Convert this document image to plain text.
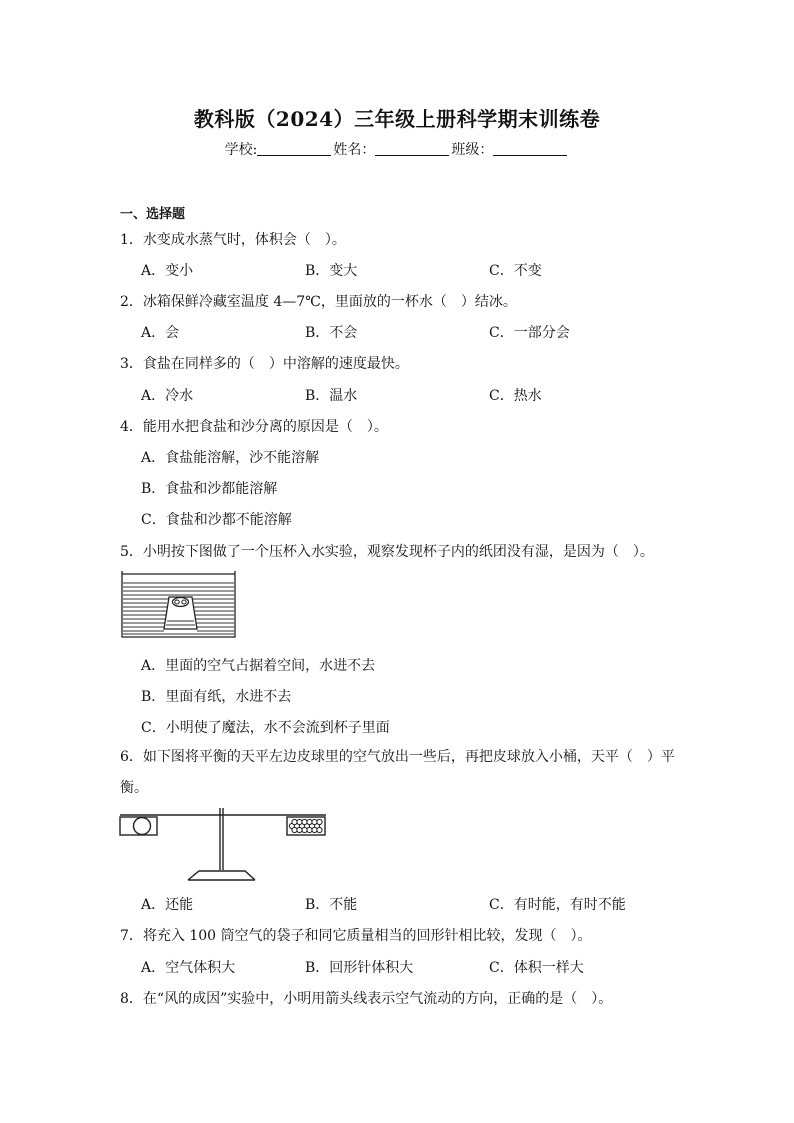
教科版（2024）三年级上册科学期末训练卷
学校:	姓名：	班级：
一、选择题
1．水变成水蒸气时，体积会（　）。
A．变小	B．变大	C．不变
2．冰箱保鲜冷藏室温度 4—7℃，里面放的一杯水（　）结冰。
A．会	B．不会	C．一部分会
3．食盐在同样多的（　）中溶解的速度最快。
A．冷水	B．温水	C．热水
4．能用水把食盐和沙分离的原因是（　）。
A．食盐能溶解，沙不能溶解
B．食盐和沙都能溶解
C．食盐和沙都不能溶解
5．小明按下图做了一个压杯入水实验，观察发现杯子内的纸团没有湿，是因为（　）。
A．里面的空气占据着空间，水进不去
B．里面有纸，水进不去
C．小明使了魔法，水不会流到杯子里面
6．如下图将平衡的天平左边皮球里的空气放出一些后，再把皮球放入小桶，天平（　）平衡。
A．还能	B．不能	C．有时能，有时不能
7．将充入 100 筒空气的袋子和同它质量相当的回形针相比较，发现（　）。
A．空气体积大	B．回形针体积大	C．体积一样大
8．在“风的成因”实验中，小明用箭头线表示空气流动的方向，正确的是（　）。
